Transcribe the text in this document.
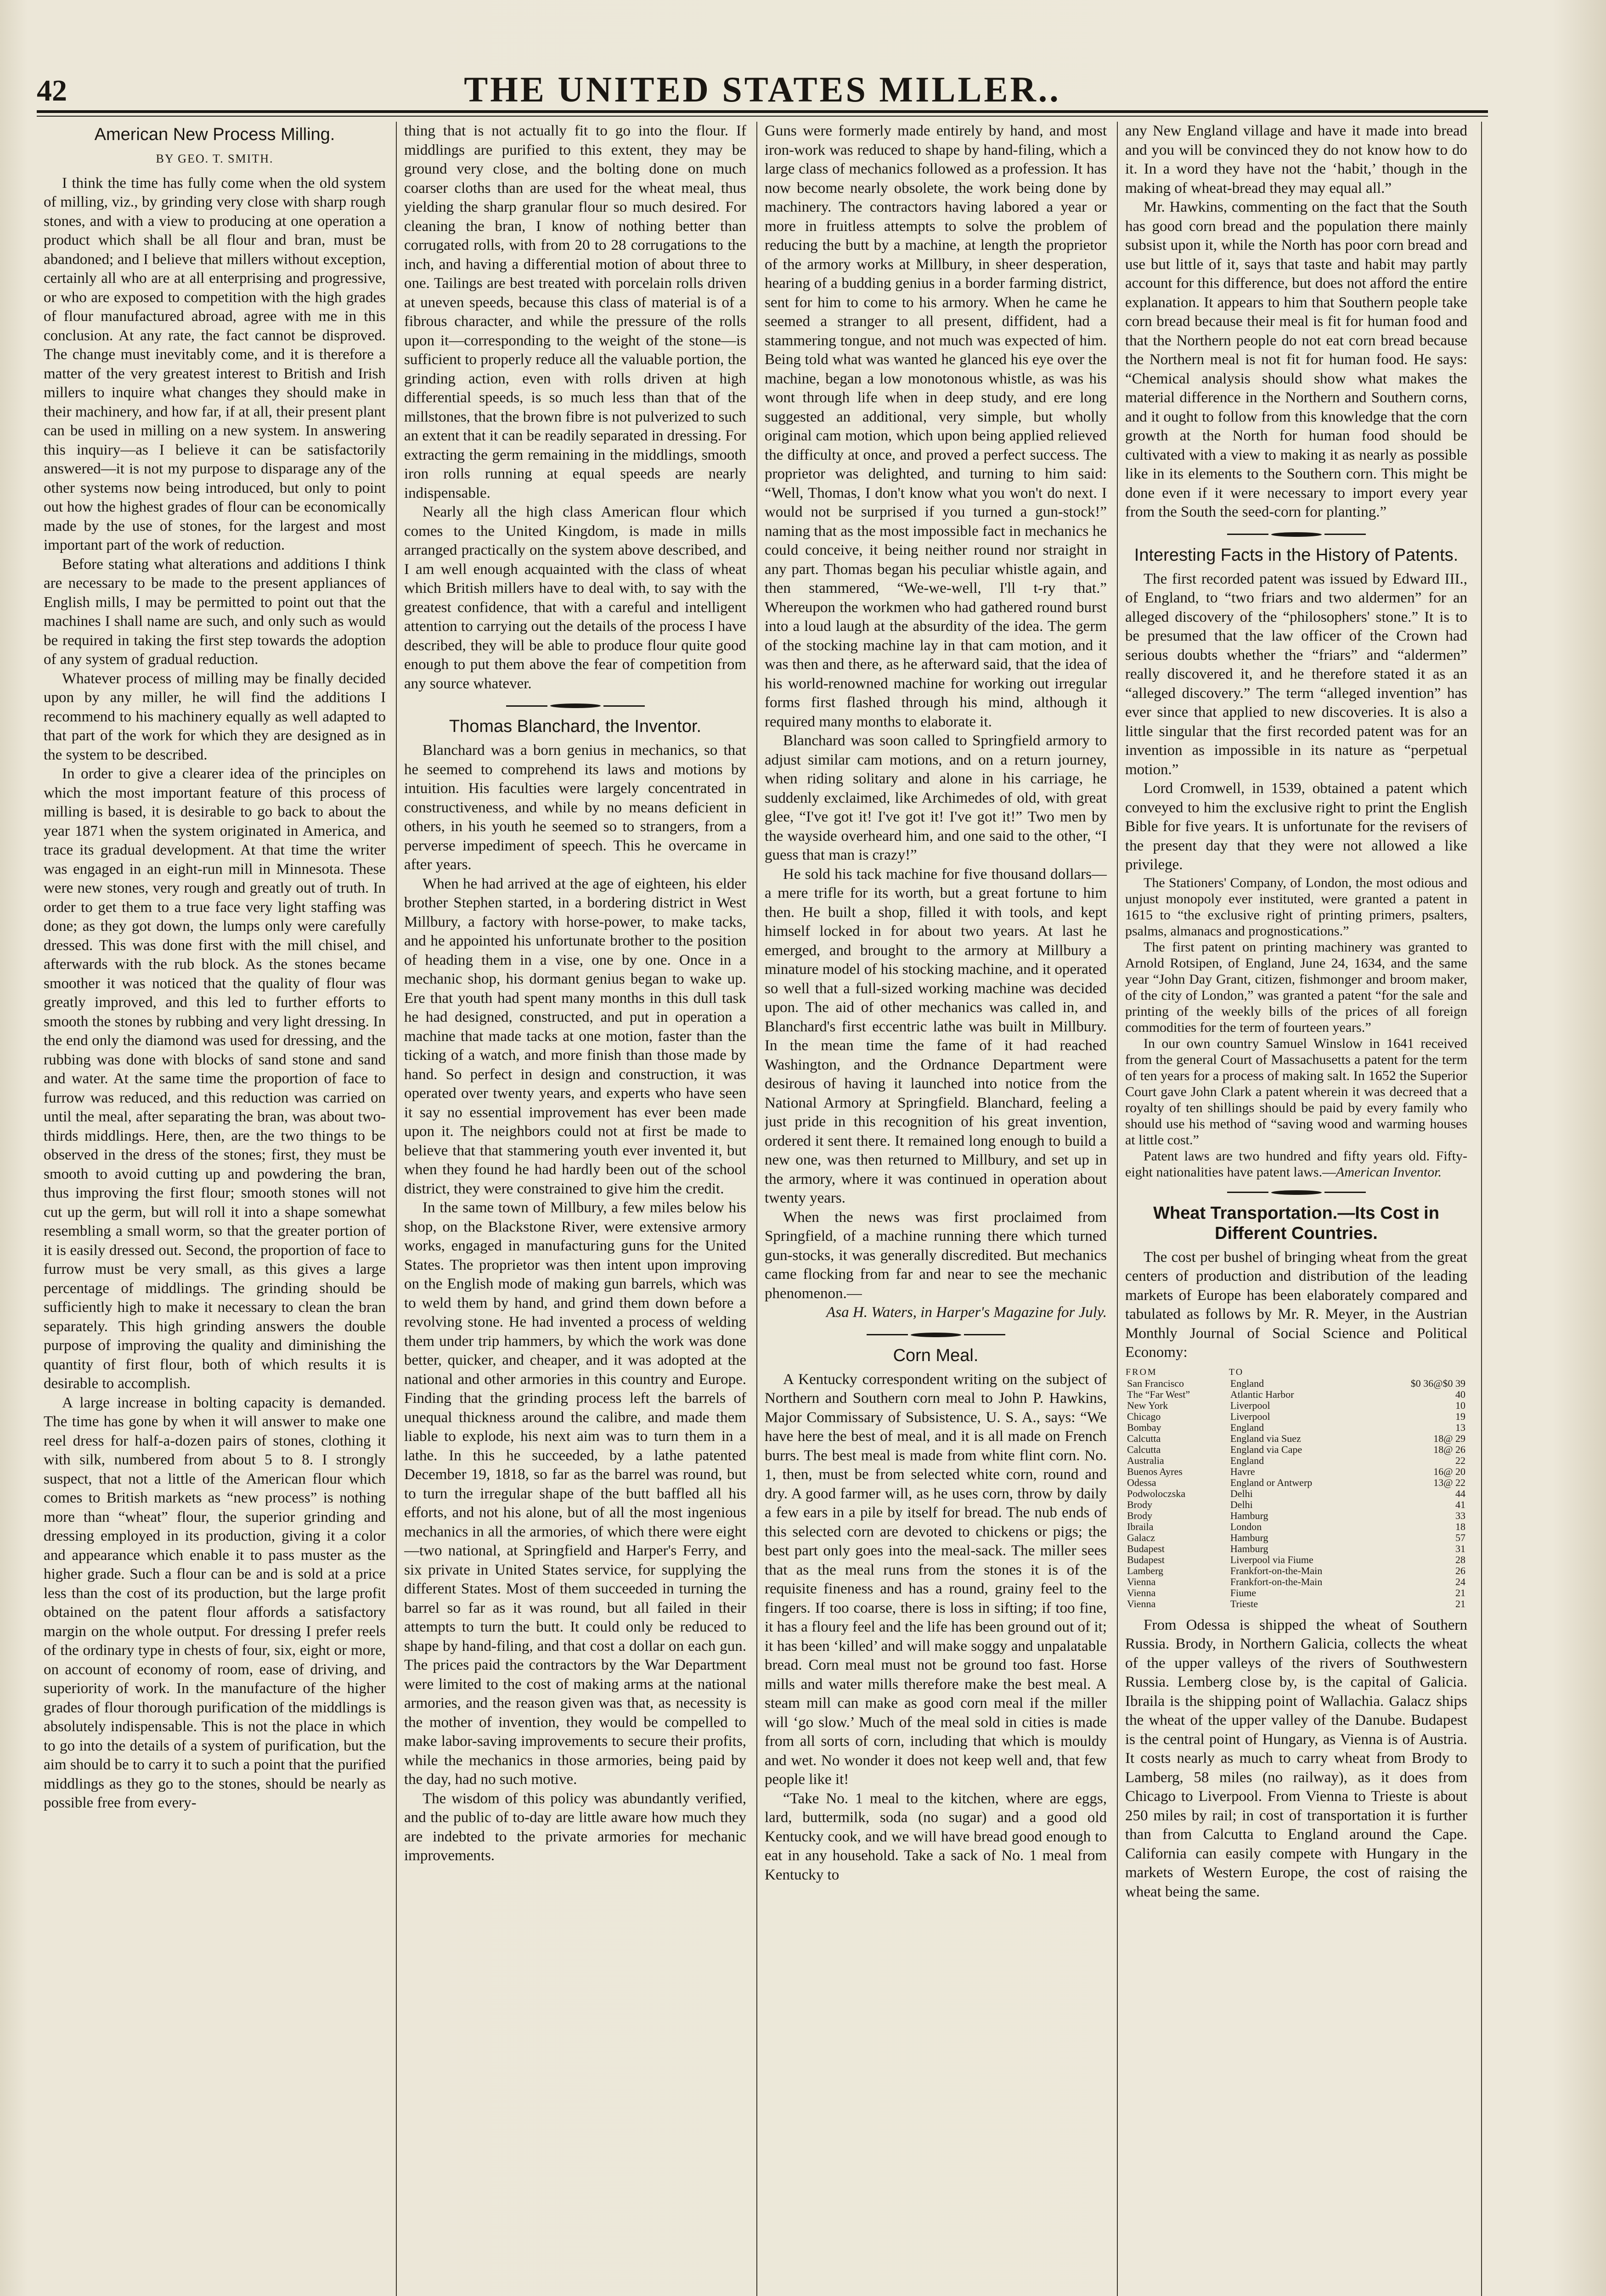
42	THE UNITED STATES MILLER..
American New Process Milling.
BY GEO. T. SMITH.

I think the time has fully come when the old system of milling, viz., by grinding very close with sharp rough stones, and with a view to producing at one operation a product which shall be all flour and bran, must be abandoned; and I believe that millers without exception, certainly all who are at all enterprising and progressive, or who are exposed to competition with the high grades of flour manufactured abroad, agree with me in this conclusion. At any rate, the fact cannot be disproved. The change must inevitably come, and it is therefore a matter of the very greatest interest to British and Irish millers to inquire what changes they should make in their machinery, and how far, if at all, their present plant can be used in milling on a new system. In answering this inquiry—as I believe it can be satisfactorily answered—it is not my purpose to disparage any of the other systems now being introduced, but only to point out how the highest grades of flour can be economically made by the use of stones, for the largest and most important part of the work of reduction.

Before stating what alterations and additions I think are necessary to be made to the present appliances of English mills, I may be permitted to point out that the machines I shall name are such, and only such as would be required in taking the first step towards the adoption of any system of gradual reduction.

Whatever process of milling may be finally decided upon by any miller, he will find the additions I recommend to his machinery equally as well adapted to that part of the work for which they are designed as in the system to be described.

In order to give a clearer idea of the principles on which the most important feature of this process of milling is based, it is desirable to go back to about the year 1871 when the system originated in America, and trace its gradual development. At that time the writer was engaged in an eight-run mill in Minnesota. These were new stones, very rough and greatly out of truth. In order to get them to a true face very light staffing was done; as they got down, the lumps only were carefully dressed. This was done first with the mill chisel, and afterwards with the rub block. As the stones became smoother it was noticed that the quality of flour was greatly improved, and this led to further efforts to smooth the stones by rubbing and very light dressing. In the end only the diamond was used for dressing, and the rubbing was done with blocks of sand stone and sand and water. At the same time the proportion of face to furrow was reduced, and this reduction was carried on until the meal, after separating the bran, was about two-thirds middlings. Here, then, are the two things to be observed in the dress of the stones; first, they must be smooth to avoid cutting up and powdering the bran, thus improving the first flour; smooth stones will not cut up the germ, but will roll it into a shape somewhat resembling a small worm, so that the greater portion of it is easily dressed out. Second, the proportion of face to furrow must be very small, as this gives a large percentage of middlings. The grinding should be sufficiently high to make it necessary to clean the bran separately. This high grinding answers the double purpose of improving the quality and diminishing the quantity of first flour, both of which results it is desirable to accomplish.

A large increase in bolting capacity is demanded. The time has gone by when it will answer to make one reel dress for half-a-dozen pairs of stones, clothing it with silk, numbered from about 5 to 8. I strongly suspect, that not a little of the American flour which comes to British markets as “new process” is nothing more than “wheat” flour, the superior grinding and dressing employed in its production, giving it a color and appearance which enable it to pass muster as the higher grade. Such a flour can be and is sold at a price less than the cost of its production, but the large profit obtained on the patent flour affords a satisfactory margin on the whole output. For dressing I prefer reels of the ordinary type in chests of four, six, eight or more, on account of economy of room, ease of driving, and superiority of work. In the manufacture of the higher grades of flour thorough purification of the middlings is absolutely indispensable. This is not the place in which to go into the details of a system of purification, but the aim should be to carry it to such a point that the purified middlings as they go to the stones, should be nearly as possible free from every-

thing that is not actually fit to go into the flour. If middlings are purified to this extent, they may be ground very close, and the bolting done on much coarser cloths than are used for the wheat meal, thus yielding the sharp granular flour so much desired. For cleaning the bran, I know of nothing better than corrugated rolls, with from 20 to 28 corrugations to the inch, and having a differential motion of about three to one. Tailings are best treated with porcelain rolls driven at uneven speeds, because this class of material is of a fibrous character, and while the pressure of the rolls upon it—corresponding to the weight of the stone—is sufficient to properly reduce all the valuable portion, the grinding action, even with rolls driven at high differential speeds, is so much less than that of the millstones, that the brown fibre is not pulverized to such an extent that it can be readily separated in dressing. For extracting the germ remaining in the middlings, smooth iron rolls running at equal speeds are nearly indispensable.

Nearly all the high class American flour which comes to the United Kingdom, is made in mills arranged practically on the system above described, and I am well enough acquainted with the class of wheat which British millers have to deal with, to say with the greatest confidence, that with a careful and intelligent attention to carrying out the details of the process I have described, they will be able to produce flour quite good enough to put them above the fear of competition from any source whatever.

Thomas Blanchard, the Inventor.

Blanchard was a born genius in mechanics, so that he seemed to comprehend its laws and motions by intuition. His faculties were largely concentrated in constructiveness, and while by no means deficient in others, in his youth he seemed so to strangers, from a perverse impediment of speech. This he overcame in after years.

When he had arrived at the age of eighteen, his elder brother Stephen started, in a bordering district in West Millbury, a factory with horse-power, to make tacks, and he appointed his unfortunate brother to the position of heading them in a vise, one by one. Once in a mechanic shop, his dormant genius began to wake up. Ere that youth had spent many months in this dull task he had designed, constructed, and put in operation a machine that made tacks at one motion, faster than the ticking of a watch, and more finish than those made by hand. So perfect in design and construction, it was operated over twenty years, and experts who have seen it say no essential improvement has ever been made upon it. The neighbors could not at first be made to believe that that stammering youth ever invented it, but when they found he had hardly been out of the school district, they were constrained to give him the credit.

In the same town of Millbury, a few miles below his shop, on the Blackstone River, were extensive armory works, engaged in manufacturing guns for the United States. The proprietor was then intent upon improving on the English mode of making gun barrels, which was to weld them by hand, and grind them down before a revolving stone. He had invented a process of welding them under trip hammers, by which the work was done better, quicker, and cheaper, and it was adopted at the national and other armories in this country and Europe. Finding that the grinding process left the barrels of unequal thickness around the calibre, and made them liable to explode, his next aim was to turn them in a lathe. In this he succeeded, by a lathe patented December 19, 1818, so far as the barrel was round, but to turn the irregular shape of the butt baffled all his efforts, and not his alone, but of all the most ingenious mechanics in all the armories, of which there were eight—two national, at Springfield and Harper's Ferry, and six private in United States service, for supplying the different States. Most of them succeeded in turning the barrel so far as it was round, but all failed in their attempts to turn the butt. It could only be reduced to shape by hand-filing, and that cost a dollar on each gun. The prices paid the contractors by the War Department were limited to the cost of making arms at the national armories, and the reason given was that, as necessity is the mother of invention, they would be compelled to make labor-saving improvements to secure their profits, while the mechanics in those armories, being paid by the day, had no such motive.

The wisdom of this policy was abundantly verified, and the public of to-day are little aware how much they are indebted to the private armories for mechanic improvements.

Guns were formerly made entirely by hand, and most iron-work was reduced to shape by hand-filing, which a large class of mechanics followed as a profession. It has now become nearly obsolete, the work being done by machinery. The contractors having labored a year or more in fruitless attempts to solve the problem of reducing the butt by a machine, at length the proprietor of the armory works at Millbury, in sheer desperation, hearing of a budding genius in a border farming district, sent for him to come to his armory. When he came he seemed a stranger to all present, diffident, had a stammering tongue, and not much was expected of him. Being told what was wanted he glanced his eye over the machine, began a low monotonous whistle, as was his wont through life when in deep study, and ere long suggested an additional, very simple, but wholly original cam motion, which upon being applied relieved the difficulty at once, and proved a perfect success. The proprietor was delighted, and turning to him said: “Well, Thomas, I don't know what you won't do next. I would not be surprised if you turned a gun-stock!” naming that as the most impossible fact in mechanics he could conceive, it being neither round nor straight in any part. Thomas began his peculiar whistle again, and then stammered, “We-we-well, I'll t-ry that.” Whereupon the workmen who had gathered round burst into a loud laugh at the absurdity of the idea. The germ of the stocking machine lay in that cam motion, and it was then and there, as he afterward said, that the idea of his world-renowned machine for working out irregular forms first flashed through his mind, although it required many months to elaborate it.

Blanchard was soon called to Springfield armory to adjust similar cam motions, and on a return journey, when riding solitary and alone in his carriage, he suddenly exclaimed, like Archimedes of old, with great glee, “I've got it! I've got it! I've got it!” Two men by the wayside overheard him, and one said to the other, “I guess that man is crazy!”

He sold his tack machine for five thousand dollars—a mere trifle for its worth, but a great fortune to him then. He built a shop, filled it with tools, and kept himself locked in for about two years. At last he emerged, and brought to the armory at Millbury a minature model of his stocking machine, and it operated so well that a full-sized working machine was decided upon. The aid of other mechanics was called in, and Blanchard's first eccentric lathe was built in Millbury. In the mean time the fame of it had reached Washington, and the Ordnance Department were desirous of having it launched into notice from the National Armory at Springfield. Blanchard, feeling a just pride in this recognition of his great invention, ordered it sent there. It remained long enough to build a new one, was then returned to Millbury, and set up in the armory, where it was continued in operation about twenty years.

When the news was first proclaimed from Springfield, of a machine running there which turned gun-stocks, it was generally discredited. But mechanics came flocking from far and near to see the mechanic phenomenon.—

Asa H. Waters, in Harper's Magazine for July.
Corn Meal.

A Kentucky correspondent writing on the subject of Northern and Southern corn meal to John P. Hawkins, Major Commissary of Subsistence, U. S. A., says: “We have here the best of meal, and it is all made on French burrs. The best meal is made from white flint corn. No. 1, then, must be from selected white corn, round and dry. A good farmer will, as he uses corn, throw by daily a few ears in a pile by itself for bread. The nub ends of this selected corn are devoted to chickens or pigs; the best part only goes into the meal-sack. The miller sees that as the meal runs from the stones it is of the requisite fineness and has a round, grainy feel to the fingers. If too coarse, there is loss in sifting; if too fine, it has a floury feel and the life has been ground out of it; it has been ‘killed’ and will make soggy and unpalatable bread. Corn meal must not be ground too fast. Horse mills and water mills therefore make the best meal. A steam mill can make as good corn meal if the miller will ‘go slow.’ Much of the meal sold in cities is made from all sorts of corn, including that which is mouldy and wet. No wonder it does not keep well and, that few people like it!

“Take No. 1 meal to the kitchen, where are eggs, lard, buttermilk, soda (no sugar) and a good old Kentucky cook, and we will have bread good enough to eat in any household. Take a sack of No. 1 meal from Kentucky to

any New England village and have it made into bread and you will be convinced they do not know how to do it. In a word they have not the ‘habit,’ though in the making of wheat-bread they may equal all.”

Mr. Hawkins, commenting on the fact that the South has good corn bread and the population there mainly subsist upon it, while the North has poor corn bread and use but little of it, says that taste and habit may partly account for this difference, but does not afford the entire explanation. It appears to him that Southern people take corn bread because their meal is fit for human food and that the Northern people do not eat corn bread because the Northern meal is not fit for human food. He says: “Chemical analysis should show what makes the material difference in the Northern and Southern corns, and it ought to follow from this knowledge that the corn growth at the North for human food should be cultivated with a view to making it as nearly as possible like in its elements to the Southern corn. This might be done even if it were necessary to import every year from the South the seed-corn for planting.”

Interesting Facts in the History of Patents.

The first recorded patent was issued by Edward III., of England, to “two friars and two aldermen” for an alleged discovery of the “philosophers' stone.” It is to be presumed that the law officer of the Crown had serious doubts whether the “friars” and “aldermen” really discovered it, and he therefore stated it as an “alleged discovery.” The term “alleged invention” has ever since that applied to new discoveries. It is also a little singular that the first recorded patent was for an invention as impossible in its nature as “perpetual motion.”

Lord Cromwell, in 1539, obtained a patent which conveyed to him the exclusive right to print the English Bible for five years. It is unfortunate for the revisers of the present day that they were not allowed a like privilege.

The Stationers' Company, of London, the most odious and unjust monopoly ever instituted, were granted a patent in 1615 to “the exclusive right of printing primers, psalters, psalms, almanacs and prognostications.”

The first patent on printing machinery was granted to Arnold Rotsipen, of England, June 24, 1634, and the same year “John Day Grant, citizen, fishmonger and broom maker, of the city of London,” was granted a patent “for the sale and printing of the weekly bills of the prices of all foreign commodities for the term of fourteen years.”

In our own country Samuel Winslow in 1641 received from the general Court of Massachusetts a patent for the term of ten years for a process of making salt. In 1652 the Superior Court gave John Clark a patent wherein it was decreed that a royalty of ten shillings should be paid by every family who should use his method of “saving wood and warming houses at little cost.”

Patent laws are two hundred and fifty years old. Fifty-eight nationalities have patent laws.—American Inventor.

Wheat Transportation.—Its Cost in Different Countries.

The cost per bushel of bringing wheat from the great centers of production and distribution of the leading markets of Europe has been elaborately compared and tabulated as follows by Mr. R. Meyer, in the Austrian Monthly Journal of Social Science and Political Economy:

FROM	TO	
San Francisco	England	$0 36@$0 39
The “Far West”	Atlantic Harbor	40
New York	Liverpool	10
Chicago	Liverpool	19
Bombay	England	13
Calcutta	England via Suez	18@ 29
Calcutta	England via Cape	18@ 26
Australia	England	22
Buenos Ayres	Havre	16@ 20
Odessa	England or Antwerp	13@ 22
Podwoloczska	Delhi	44
Brody	Delhi	41
Brody	Hamburg	33
Ibraila	London	18
Galacz	Hamburg	57
Budapest	Hamburg	31
Budapest	Liverpool via Fiume	28
Lamberg	Frankfort-on-the-Main	26
Vienna	Frankfort-on-the-Main	24
Vienna	Fiume	21
Vienna	Trieste	21

From Odessa is shipped the wheat of Southern Russia. Brody, in Northern Galicia, collects the wheat of the upper valleys of the rivers of Southwestern Russia. Lemberg close by, is the capital of Galicia. Ibraila is the shipping point of Wallachia. Galacz ships the wheat of the upper valley of the Danube. Budapest is the central point of Hungary, as Vienna is of Austria. It costs nearly as much to carry wheat from Brody to Lamberg, 58 miles (no railway), as it does from Chicago to Liverpool. From Vienna to Trieste is about 250 miles by rail; in cost of transportation it is further than from Calcutta to England around the Cape. California can easily compete with Hungary in the markets of Western Europe, the cost of raising the wheat being the same.
